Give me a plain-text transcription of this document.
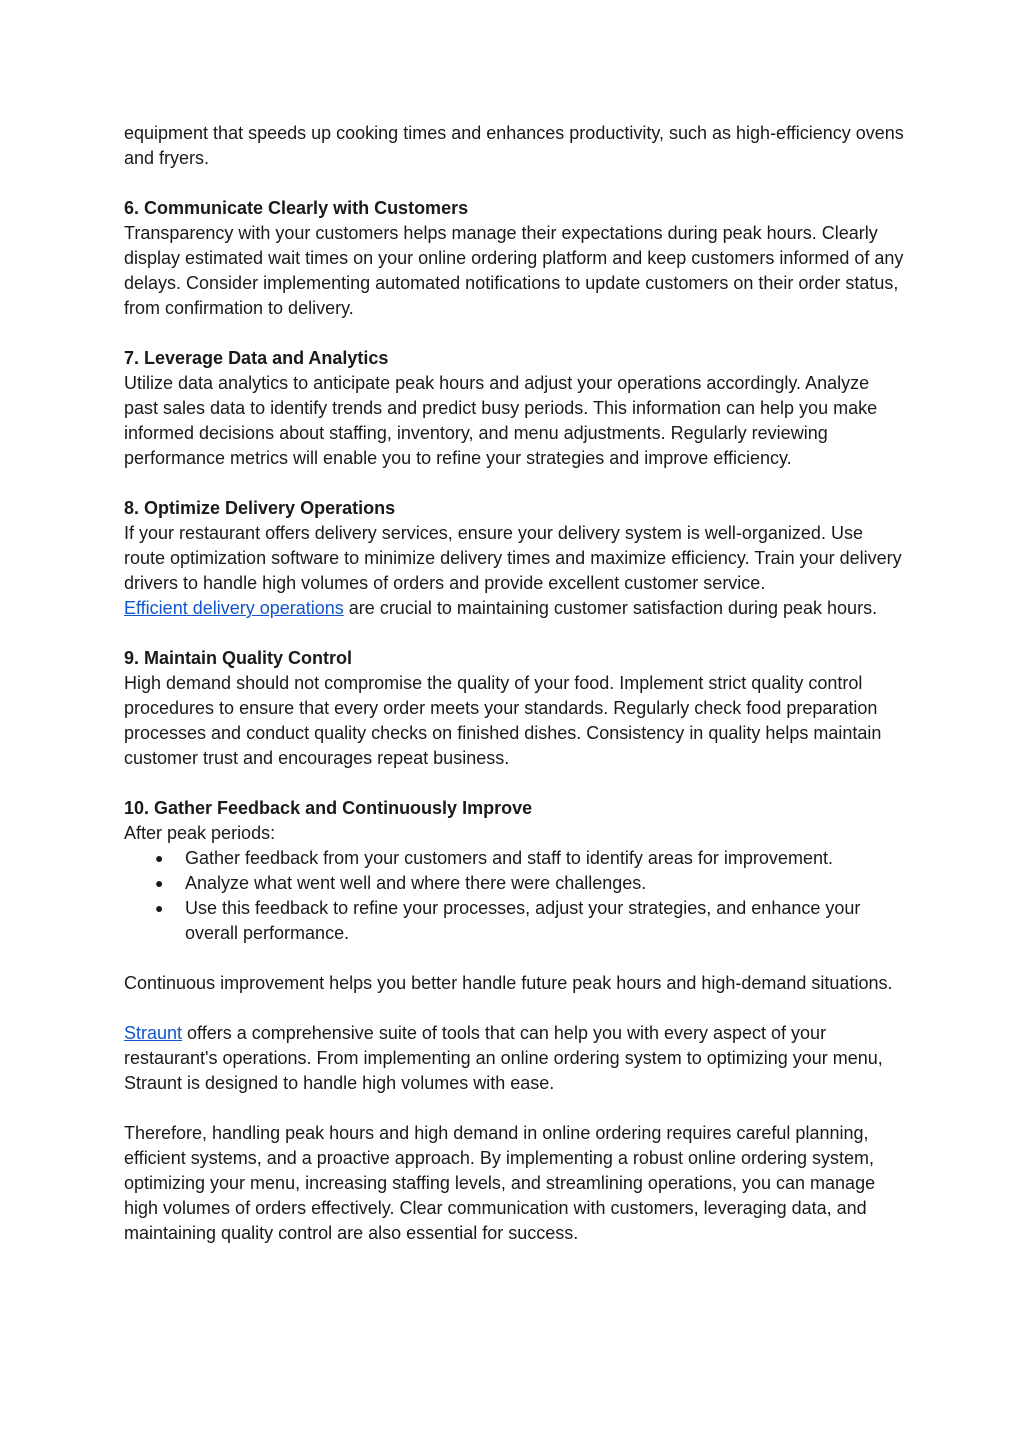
equipment that speeds up cooking times and enhances productivity, such as high-efficiency ovens and fryers.

6. Communicate Clearly with Customers

Transparency with your customers helps manage their expectations during peak hours. Clearly display estimated wait times on your online ordering platform and keep customers informed of any delays. Consider implementing automated notifications to update customers on their order status, from confirmation to delivery.

7. Leverage Data and Analytics

Utilize data analytics to anticipate peak hours and adjust your operations accordingly. Analyze past sales data to identify trends and predict busy periods. This information can help you make informed decisions about staffing, inventory, and menu adjustments. Regularly reviewing performance metrics will enable you to refine your strategies and improve efficiency.

8. Optimize Delivery Operations

If your restaurant offers delivery services, ensure your delivery system is well-organized. Use route optimization software to minimize delivery times and maximize efficiency. Train your delivery drivers to handle high volumes of orders and provide excellent customer service.

Efficient delivery operations are crucial to maintaining customer satisfaction during peak hours.

9. Maintain Quality Control

High demand should not compromise the quality of your food. Implement strict quality control procedures to ensure that every order meets your standards. Regularly check food preparation processes and conduct quality checks on finished dishes. Consistency in quality helps maintain customer trust and encourages repeat business.

10. Gather Feedback and Continuously Improve

After peak periods:

● Gather feedback from your customers and staff to identify areas for improvement.
● Analyze what went well and where there were challenges.
● Use this feedback to refine your processes, adjust your strategies, and enhance your overall performance.

Continuous improvement helps you better handle future peak hours and high-demand situations.

Straunt offers a comprehensive suite of tools that can help you with every aspect of your restaurant's operations. From implementing an online ordering system to optimizing your menu, Straunt is designed to handle high volumes with ease.

Therefore, handling peak hours and high demand in online ordering requires careful planning, efficient systems, and a proactive approach. By implementing a robust online ordering system, optimizing your menu, increasing staffing levels, and streamlining operations, you can manage high volumes of orders effectively. Clear communication with customers, leveraging data, and maintaining quality control are also essential for success.
